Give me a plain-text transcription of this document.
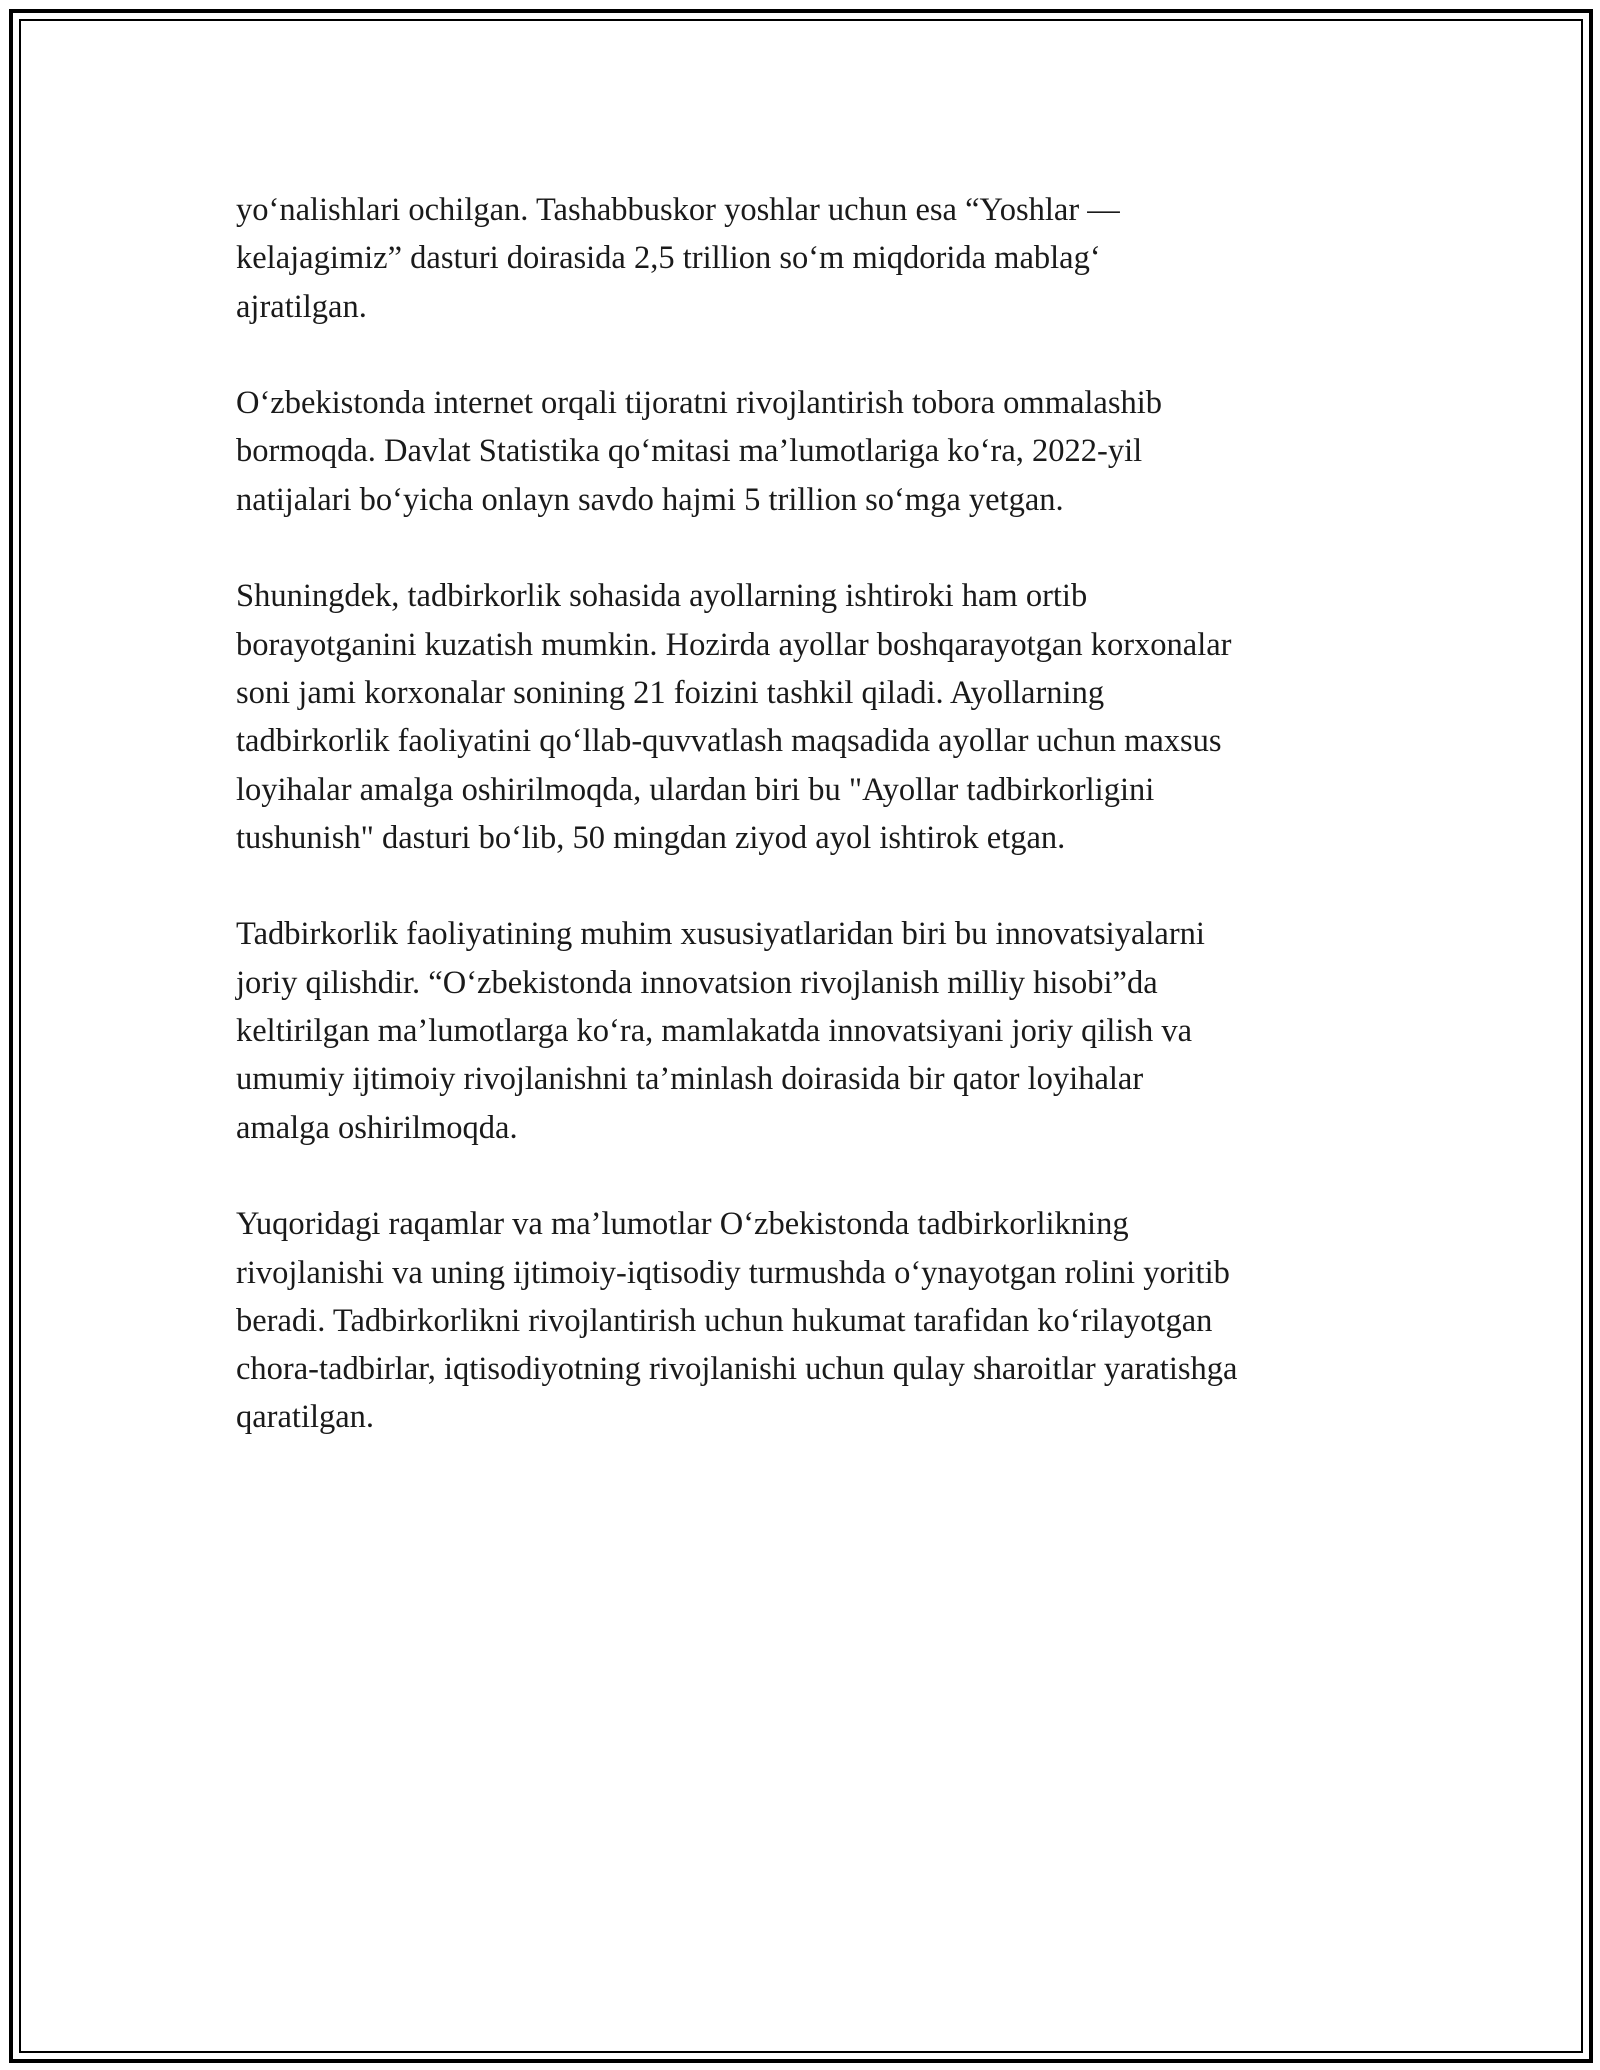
yo‘nalishlari ochilgan. Tashabbuskor yoshlar uchun esa “Yoshlar —
kelajagimiz” dasturi doirasida 2,5 trillion so‘m miqdorida mablag‘
ajratilgan.

O‘zbekistonda internet orqali tijoratni rivojlantirish tobora ommalashib
bormoqda. Davlat Statistika qo‘mitasi ma’lumotlariga ko‘ra, 2022-yil
natijalari bo‘yicha onlayn savdo hajmi 5 trillion so‘mga yetgan.

Shuningdek, tadbirkorlik sohasida ayollarning ishtiroki ham ortib
borayotganini kuzatish mumkin. Hozirda ayollar boshqarayotgan korxonalar
soni jami korxonalar sonining 21 foizini tashkil qiladi. Ayollarning
tadbirkorlik faoliyatini qo‘llab-quvvatlash maqsadida ayollar uchun maxsus
loyihalar amalga oshirilmoqda, ulardan biri bu "Ayollar tadbirkorligini
tushunish" dasturi bo‘lib, 50 mingdan ziyod ayol ishtirok etgan.

Tadbirkorlik faoliyatining muhim xususiyatlaridan biri bu innovatsiyalarni
joriy qilishdir. “O‘zbekistonda innovatsion rivojlanish milliy hisobi”da
keltirilgan ma’lumotlarga ko‘ra, mamlakatda innovatsiyani joriy qilish va
umumiy ijtimoiy rivojlanishni ta’minlash doirasida bir qator loyihalar
amalga oshirilmoqda.

Yuqoridagi raqamlar va ma’lumotlar O‘zbekistonda tadbirkorlikning
rivojlanishi va uning ijtimoiy-iqtisodiy turmushda o‘ynayotgan rolini yoritib
beradi. Tadbirkorlikni rivojlantirish uchun hukumat tarafidan ko‘rilayotgan
chora-tadbirlar, iqtisodiyotning rivojlanishi uchun qulay sharoitlar yaratishga
qaratilgan.
